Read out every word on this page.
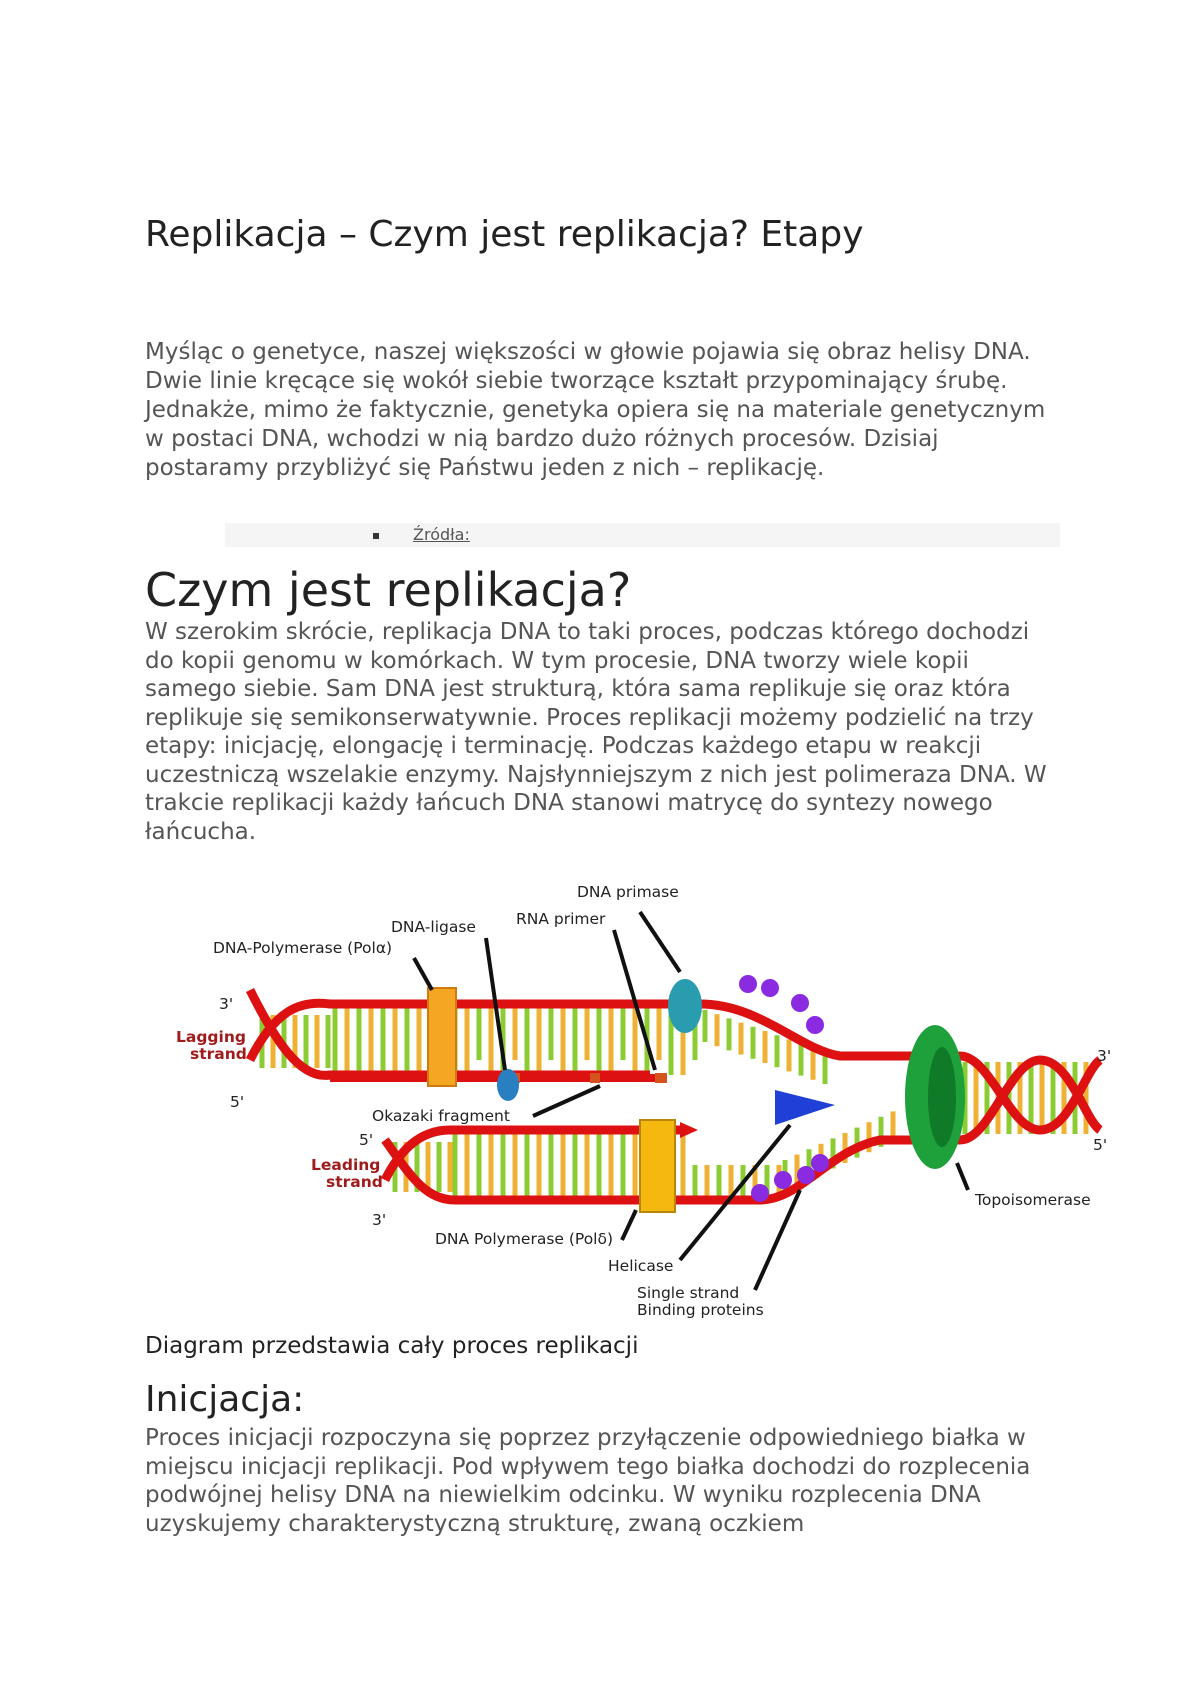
Replikacja – Czym jest replikacja? Etapy

Myśląc o genetyce, naszej większości w głowie pojawia się obraz helisy DNA. Dwie linie kręcące się wokół siebie tworzące kształt przypominający śrubę. Jednakże, mimo że faktycznie, genetyka opiera się na materiale genetycznym w postaci DNA, wchodzi w nią bardzo dużo różnych procesów. Dzisiaj postaramy przybliżyć się Państwu jeden z nich – replikację.

Czym jest replikacja?

W szerokim skrócie, replikacja DNA to taki proces, podczas którego dochodzi do kopii genomu w komórkach. W tym procesie, DNA tworzy wiele kopii samego siebie. Sam DNA jest strukturą, która sama replikuje się oraz która replikuje się semikonserwatywnie. Proces replikacji możemy podzielić na trzy etapy: inicjację, elongację i terminację. Podczas każdego etapu w reakcji uczestniczą wszelakie enzymy. Najsłynniejszym z nich jest polimeraza DNA. W trakcie replikacji każdy łańcuch DNA stanowi matrycę do syntezy nowego łańcucha.

Diagram przedstawia cały proces replikacji

Inicjacja:

Proces inicjacji rozpoczyna się poprzez przyłączenie odpowiedniego białka w miejscu inicjacji replikacji. Pod wpływem tego białka dochodzi do rozplecenia podwójnej helisy DNA na niewielkim odcinku. W wyniku rozplecenia DNA uzyskujemy charakterystyczną strukturę, zwaną oczkiem

Źródła:
DNA primase
RNA primer
DNA-ligase
DNA-Polymerase (Polα)
3'
Lagging
strand
5'
Okazaki fragment
5'
Leading
strand
3'
DNA Polymerase (Polδ)
Helicase
Single strand
Binding proteins
Topoisomerase
3'
5'
